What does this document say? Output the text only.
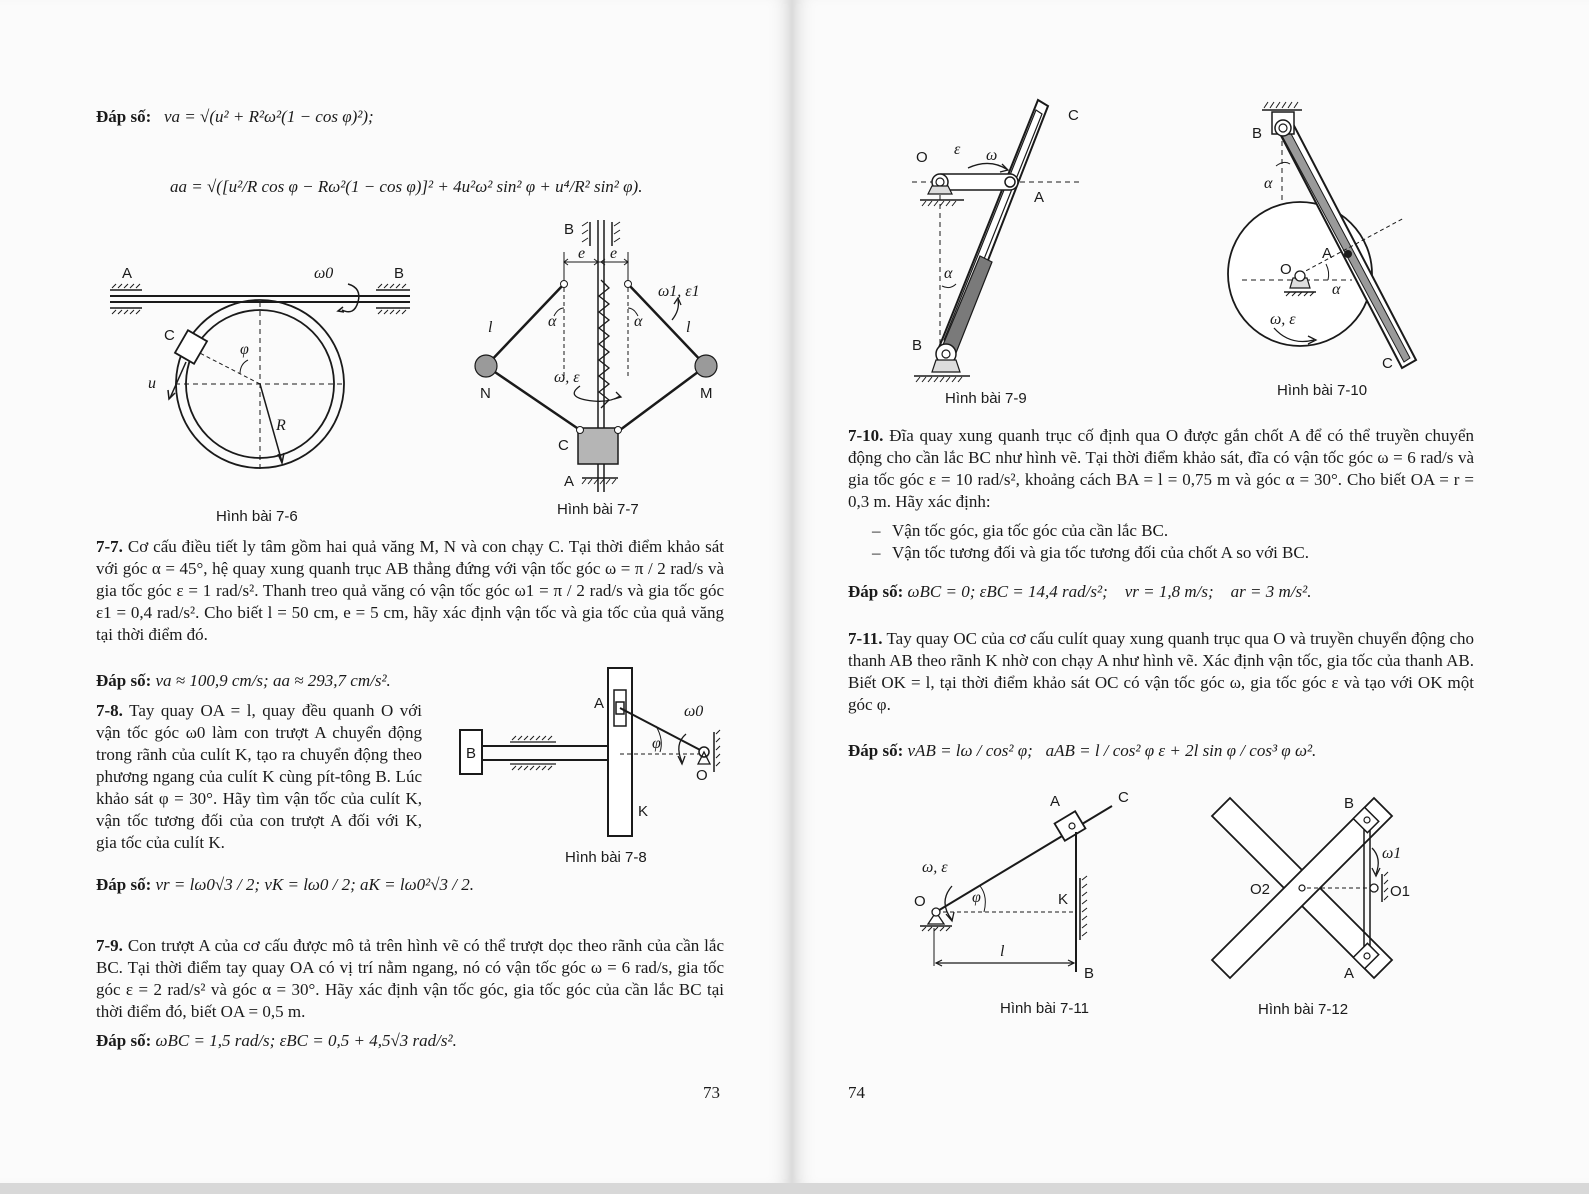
Đáp số: va = √(u² + R²ω²(1 − cos φ)²);
aa = √([u²/R cos φ − Rω²(1 − cos φ)]² + 4u²ω² sin² φ + u⁴/R² sin² φ).
A	B
ω0
C
φ
u
R
Hình bài 7-6
B
e e
l	l
α	α
ω, ε
ω1, ε1
N	M
C
A
Hình bài 7-7
7-7. Cơ cấu điều tiết ly tâm gồm hai quả văng M, N và con chạy C. Tại thời điểm khảo sát với góc α = 45°, hệ quay xung quanh trục AB thẳng đứng với vận tốc góc ω = π / 2 rad/s và gia tốc góc ε = 1 rad/s². Thanh treo quả văng có vận tốc góc ω1 = π / 2 rad/s và gia tốc góc ε1 = 0,4 rad/s². Cho biết l = 50 cm, e = 5 cm, hãy xác định vận tốc và gia tốc của quả văng tại thời điểm đó.
Đáp số: va ≈ 100,9 cm/s; aa ≈ 293,7 cm/s².
7-8. Tay quay OA = l, quay đều quanh O với vận tốc góc ω0 làm con trượt A chuyển động trong rãnh của culít K, tạo ra chuyển động theo phương ngang của culít K cùng pít-tông B. Lúc khảo sát φ = 30°. Hãy tìm vận tốc của culít K, vận tốc tương đối của con trượt A đối với K, gia tốc của culít K.
A
B
K
O
ω0
φ
Hình bài 7-8
Đáp số: vr = lω0√3 / 2; vK = lω0 / 2; aK = lω0²√3 / 2.
7-9. Con trượt A của cơ cấu được mô tả trên hình vẽ có thể trượt dọc theo rãnh của cần lắc BC. Tại thời điểm tay quay OA có vị trí nằm ngang, nó có vận tốc góc ω = 6 rad/s, gia tốc góc ε = 2 rad/s² và góc α = 30°. Hãy xác định vận tốc góc, gia tốc góc của cần lắc BC tại thời điểm đó, biết OA = 0,5 m.
Đáp số: ωBC = 1,5 rad/s; εBC = 0,5 + 4,5√3 rad/s².
73
C
O
A
B
ε ω
α
Hình bài 7-9
B
O
A
C
α
α
ω, ε
Hình bài 7-10
7-10. Đĩa quay xung quanh trục cố định qua O được gắn chốt A để có thể truyền chuyển động cho cần lắc BC như hình vẽ. Tại thời điểm khảo sát, đĩa có vận tốc góc ω = 6 rad/s và gia tốc góc ε = 10 rad/s², khoảng cách BA = l = 0,75 m và góc α = 30°. Cho biết OA = r = 0,3 m. Hãy xác định:
– Vận tốc góc, gia tốc góc của cần lắc BC.
– Vận tốc tương đối và gia tốc tương đối của chốt A so với BC.
Đáp số: ωBC = 0; εBC = 14,4 rad/s²;    vr = 1,8 m/s;    ar = 3 m/s².
7-11. Tay quay OC của cơ cấu culít quay xung quanh trục qua O và truyền chuyển động cho thanh AB theo rãnh K nhờ con chạy A như hình vẽ. Xác định vận tốc, gia tốc của thanh AB. Biết OK = l, tại thời điểm khảo sát OC có vận tốc góc ω, gia tốc góc ε và tạo với OK một góc φ.
Đáp số: vAB = lω / cos² φ;   aAB = l / cos² φ ε + 2l sin φ / cos³ φ ω².
A	C
O	K
B
φ
l
ω, ε
Hình bài 7-11
B
A
O1
O2
ω1
Hình bài 7-12
74
